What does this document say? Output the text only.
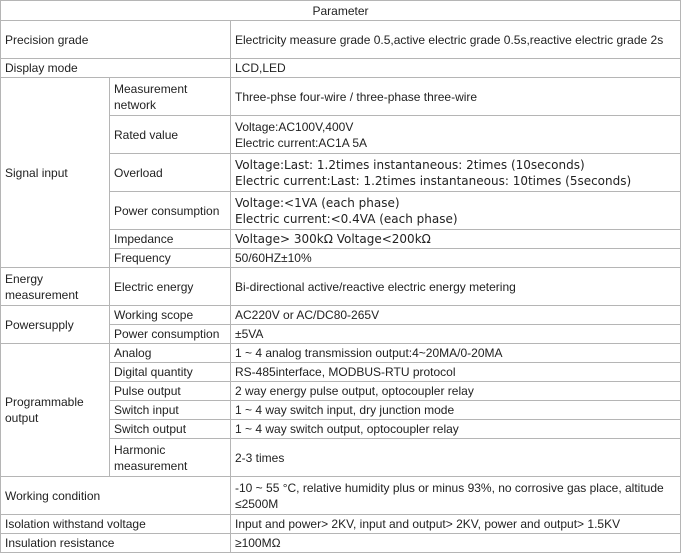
Parameter		
Precision grade		Electricity measure grade 0.5,active electric grade 0.5s,reactive electric grade 2s
Display mode		LCD,LED
Signal input	Measurement network	Three-phse four-wire / three-phase three-wire
	Rated value	Voltage:AC100V,400V
Electric current:AC1A 5A

	Overload	Voltage:Last: 1.2times instantaneous: 2times (10seconds)
Electric current:Last: 1.2times instantaneous: 10times (5seconds)

	Power consumption	Voltage:<1VA (each phase)
Electric current:<0.4VA (each phase)

	Impedance	Voltage> 300kΩ Voltage<200kΩ
	Frequency	50/60HZ±10%
Energy measurement	Electric energy	Bi-directional active/reactive electric energy metering
Powersupply	Working scope	AC220V or AC/DC80-265V
	Power consumption	±5VA
Programmable output	Analog	1 ~ 4 analog transmission output:4~20MA/0-20MA
	Digital quantity	RS-485interface, MODBUS-RTU protocol
	Pulse output	2 way energy pulse output, optocoupler relay
	Switch input	1 ~ 4 way switch input, dry junction mode
	Switch output	1 ~ 4 way switch output, optocoupler relay
	Harmonic measurement	2-3 times
Working condition		-10 ~ 55 °C, relative humidity plus or minus 93%, no corrosive gas place, altitude ≤2500M
Isolation withstand voltage		Input and power> 2KV, input and output> 2KV, power and output> 1.5KV
Insulation resistance		≥100MΩ
